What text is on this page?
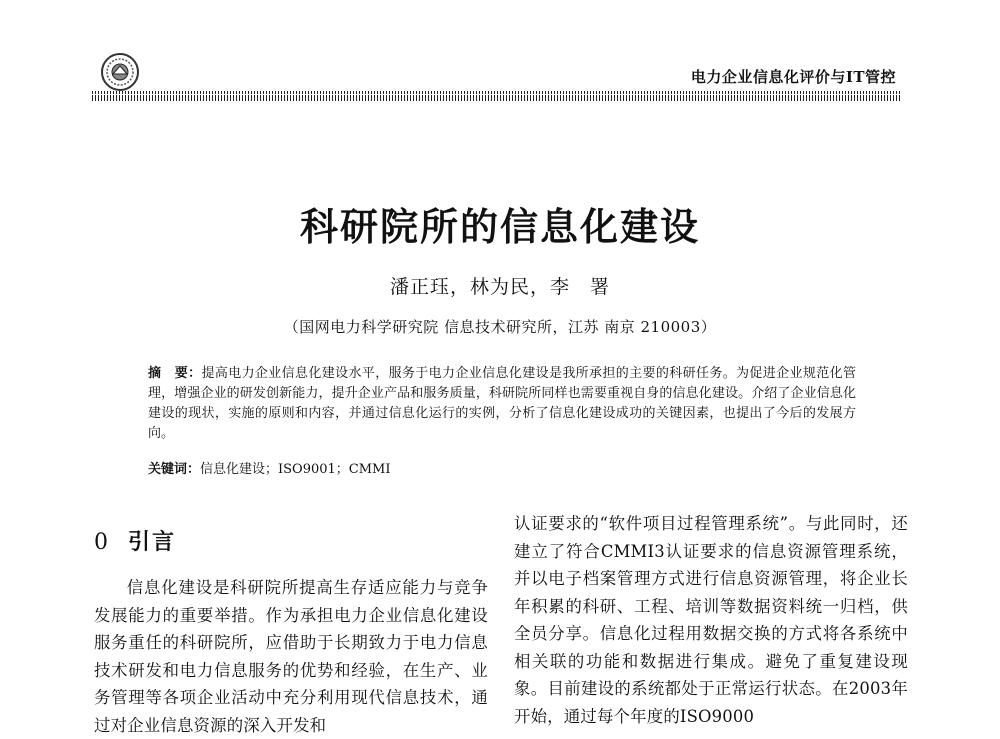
电力企业信息化评价与IT管控
科研院所的信息化建设
潘正珏，林为民，李　署
（国网电力科学研究院 信息技术研究所，江苏 南京 210003）
摘　要：提高电力企业信息化建设水平，服务于电力企业信息化建设是我所承担的主要的科研任务。为促进企业规范化管理，增强企业的研发创新能力，提升企业产品和服务质量，科研院所同样也需要重视自身的信息化建设。介绍了企业信息化建设的现状，实施的原则和内容，并通过信息化运行的实例，分析了信息化建设成功的关键因素，也提出了今后的发展方向。
关键词：信息化建设；ISO9001；CMMI
0 引言
信息化建设是科研院所提高生存适应能力与竞争发展能力的重要举措。作为承担电力企业信息化建设服务重任的科研院所，应借助于长期致力于电力信息技术研发和电力信息服务的优势和经验，在生产、业务管理等各项企业活动中充分利用现代信息技术，通过对企业信息资源的深入开发和
认证要求的“软件项目过程管理系统”。与此同时，还建立了符合CMMI3认证要求的信息资源管理系统，并以电子档案管理方式进行信息资源管理，将企业长年积累的科研、工程、培训等数据资料统一归档，供全员分享。信息化过程用数据交换的方式将各系统中相关联的功能和数据进行集成。避免了重复建设现象。目前建设的系统都处于正常运行状态。在2003年开始，通过每个年度的ISO9000
